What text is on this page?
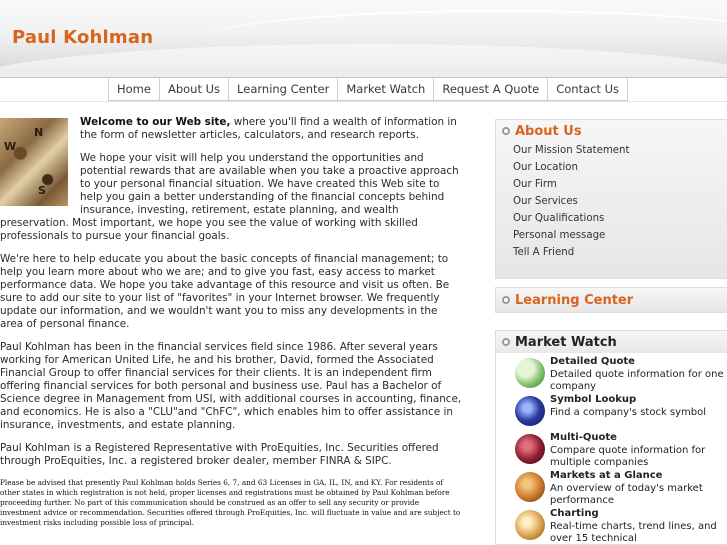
Paul Kohlman
Home	About Us	Learning Center	Market Watch	Request A Quote	Contact Us
W
N
S

Welcome to our Web site, where you'll find a wealth of information in the form of newsletter articles, calculators, and research reports.

We hope your visit will help you understand the opportunities and potential rewards that are available when you take a proactive approach to your personal financial situation. We have created this Web site to help you gain a better understanding of the financial concepts behind insurance, investing, retirement, estate planning, and wealth preservation. Most important, we hope you see the value of working with skilled professionals to pursue your financial goals.

We're here to help educate you about the basic concepts of financial management; to help you learn more about who we are; and to give you fast, easy access to market performance data. We hope you take advantage of this resource and visit us often. Be sure to add our site to your list of "favorites" in your Internet browser. We frequently update our information, and we wouldn't want you to miss any developments in the area of personal finance.

Paul Kohlman has been in the financial services field since 1986. After several years working for American United Life, he and his brother, David, formed the Associated Financial Group to offer financial services for their clients. It is an independent firm offering financial services for both personal and business use. Paul has a Bachelor of Science degree in Management from USI, with additional courses in accounting, finance, and economics. He is also a "CLU"and "ChFC", which enables him to offer assistance in insurance, investments, and estate planning.

Paul Kohlman is a Registered Representative with ProEquities, Inc. Securities offered through ProEquities, Inc. a registered broker dealer, member FINRA & SIPC.

Please be advised that presently Paul Kohlman holds Series 6, 7, and 63 Licenses in GA, IL, IN, and KY. For residents of other states in which registration is not held, proper licenses and registrations must be obtained by Paul Kohlman before proceeding further. No part of this communication should be construed as an offer to sell any security or provide investment advice or recommendation. Securities offered through ProEquities, Inc. will fluctuate in value and are subject to investment risks including possible loss of principal.

About Us
Our Mission Statement
Our Location
Our Firm
Our Services
Our Qualifications
Personal message
Tell A Friend
Learning Center
Market Watch
Detailed Quote
Detailed quote information for one company
Symbol Lookup
Find a company's stock symbol
Multi-Quote
Compare quote information for multiple companies
Markets at a Glance
An overview of today's market performance
Charting
Real-time charts, trend lines, and over 15 technical
